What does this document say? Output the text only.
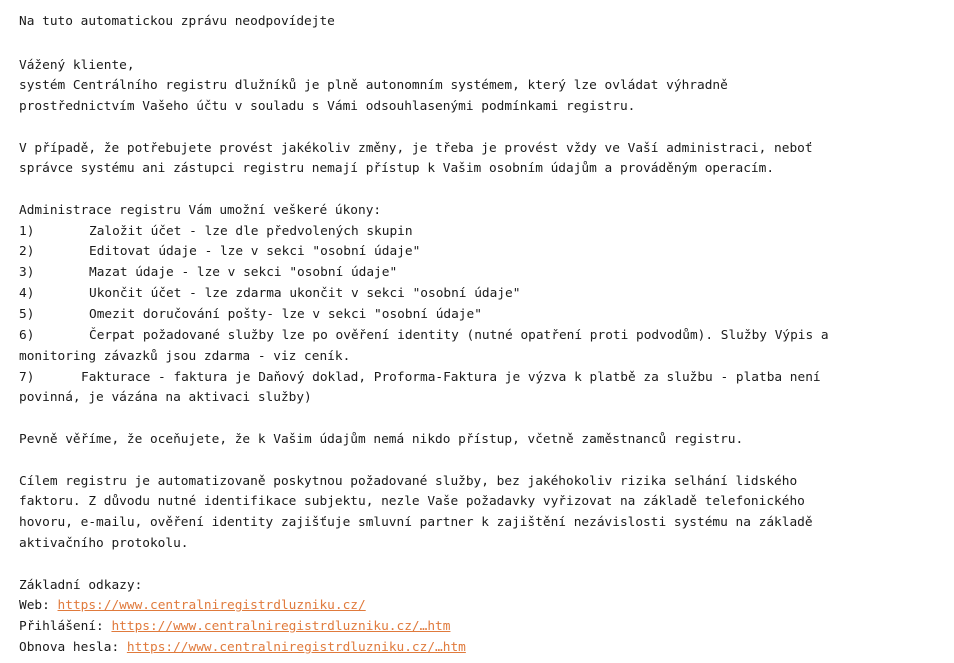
Na tuto automatickou zprávu neodpovídejte
Vážený kliente,
systém Centrálního registru dlužníků je plně autonomním systémem, který lze ovládat výhradně
prostřednictvím Vašeho účtu v souladu s Vámi odsouhlasenými podmínkami registru.
V případě, že potřebujete provést jakékoliv změny, je třeba je provést vždy ve Vaší administraci, neboť
správce systému ani zástupci registru nemají přístup k Vašim osobním údajům a prováděným operacím.
Administrace registru Vám umožní veškeré úkony:
1)	Založit účet - lze dle předvolených skupin
2)	Editovat údaje - lze v sekci "osobní údaje"
3)	Mazat údaje - lze v sekci "osobní údaje"
4)	Ukončit účet - lze zdarma ukončit v sekci "osobní údaje"
5)	Omezit doručování pošty- lze v sekci "osobní údaje"
6)	Čerpat požadované služby lze po ověření identity (nutné opatření proti podvodům). Služby Výpis a
monitoring závazků jsou zdarma - viz ceník.
7)	Fakturace - faktura je Daňový doklad, Proforma-Faktura je výzva k platbě za službu - platba není
povinná, je vázána na aktivaci služby)
Pevně věříme, že oceňujete, že k Vašim údajům nemá nikdo přístup, včetně zaměstnanců registru.
Cílem registru je automatizovaně poskytnou požadované služby, bez jakéhokoliv rizika selhání lidského
faktoru. Z důvodu nutné identifikace subjektu, nezle Vaše požadavky vyřizovat na základě telefonického
hovoru, e-mailu, ověření identity zajišťuje smluvní partner k zajištění nezávislosti systému na základě
aktivačního protokolu.
Základní odkazy:
Web: https://www.centralniregistrdluzniku.cz/
Přihlášení: https://www.centralniregistrdluzniku.cz/…htm
Obnova hesla: https://www.centralniregistrdluzniku.cz/…htm
